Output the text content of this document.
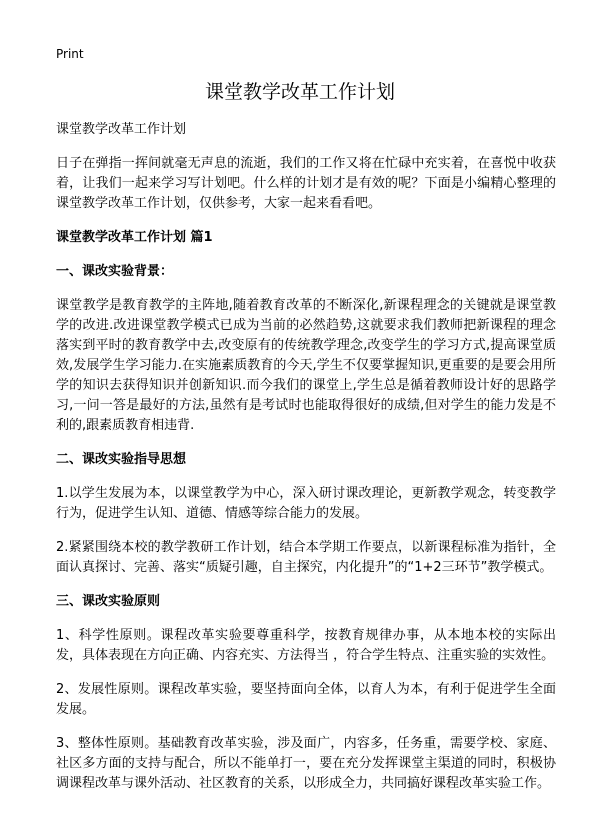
Print
课堂教学改革工作计划
课堂教学改革工作计划

日子在弹指一挥间就毫无声息的流逝，我们的工作又将在忙碌中充实着，在喜悦中收获着，让我们一起来学习写计划吧。什么样的计划才是有效的呢？下面是小编精心整理的课堂教学改革工作计划，仅供参考，大家一起来看看吧。

课堂教学改革工作计划 篇1
一、课改实验背景：

课堂教学是教育教学的主阵地,随着教育改革的不断深化,新课程理念的关键就是课堂教学的改进.改进课堂教学模式已成为当前的必然趋势,这就要求我们教师把新课程的理念落实到平时的教育教学中去,改变原有的传统教学理念,改变学生的学习方式,提高课堂质效,发展学生学习能力.在实施素质教育的今天,学生不仅要掌握知识,更重要的是要会用所学的知识去获得知识并创新知识.而今我们的课堂上,学生总是循着教师设计好的思路学习,一问一答是最好的方法,虽然有是考试时也能取得很好的成绩,但对学生的能力发是不利的,跟素质教育相违背.

二、课改实验指导思想

1.以学生发展为本，以课堂教学为中心，深入研讨课改理论，更新教学观念，转变教学行为，促进学生认知、道德、情感等综合能力的发展。

2.紧紧围绕本校的教学教研工作计划，结合本学期工作要点，以新课程标准为指针，全面认真探讨、完善、落实“质疑引趣，自主探究，内化提升”的“1+2三环节”教学模式。

三、课改实验原则

1、科学性原则。课程改革实验要尊重科学，按教育规律办事，从本地本校的实际出发，具体表现在方向正确、内容充实、方法得当 ，符合学生特点、注重实验的实效性。

2、发展性原则。课程改革实验，要坚持面向全体，以育人为本，有利于促进学生全面发展。

3、整体性原则。基础教育改革实验，涉及面广，内容多，任务重，需要学校、家庭、社区多方面的支持与配合，所以不能单打一，要在充分发挥课堂主渠道的同时，积极协调课程改革与课外活动、社区教育的关系，以形成全力，共同搞好课程改革实验工作。
